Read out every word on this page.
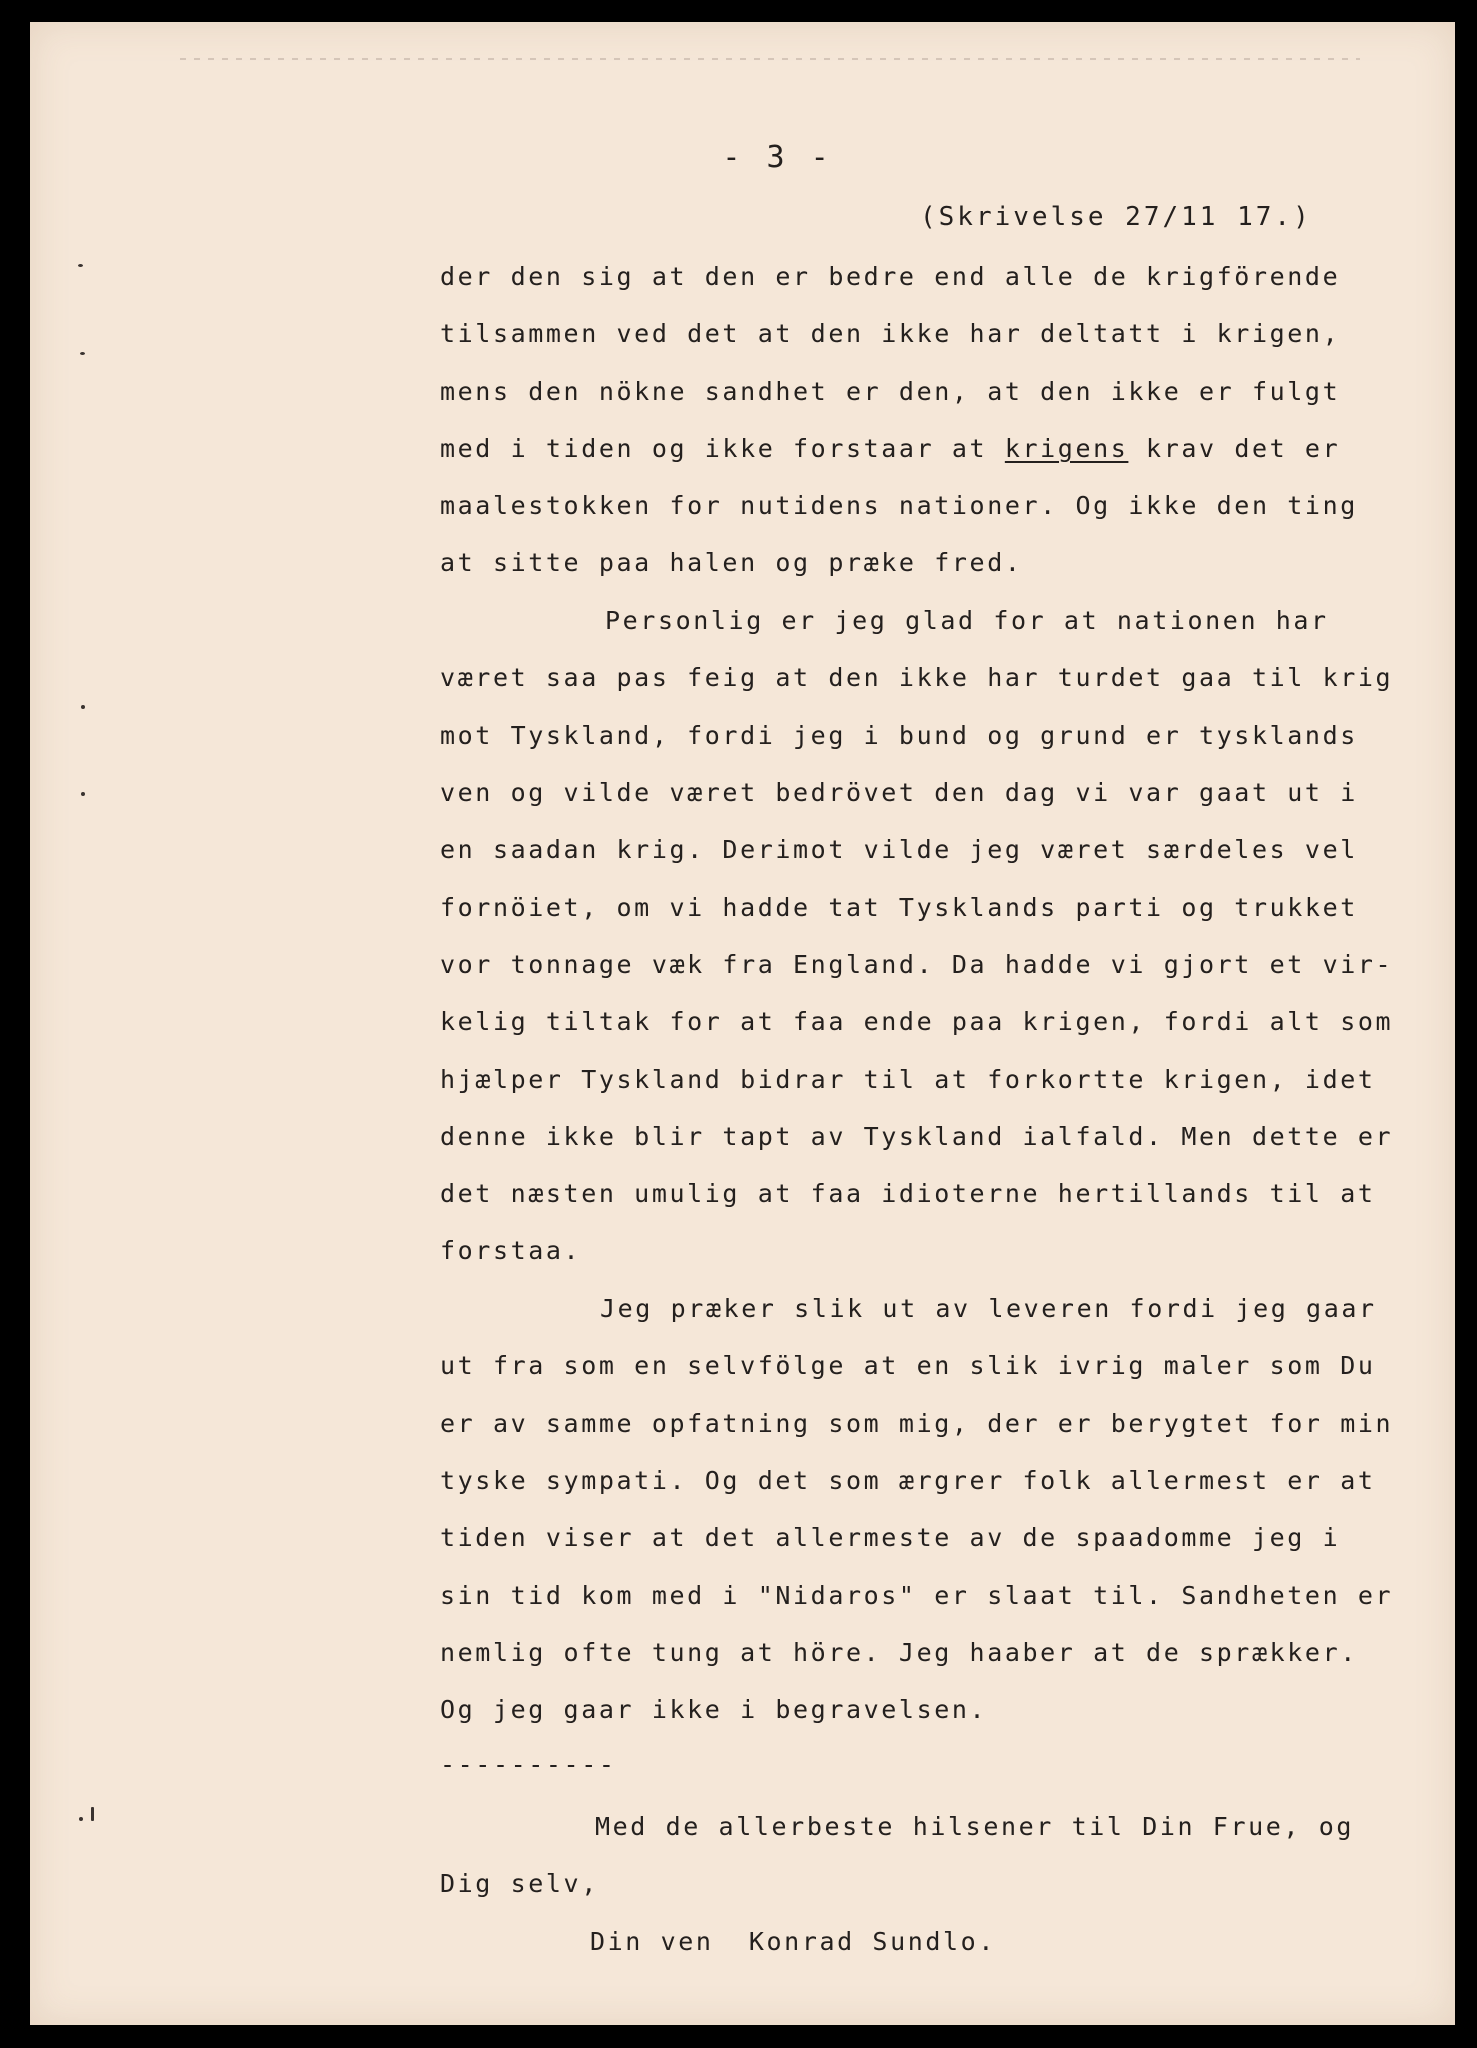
- 3 -
(Skrivelse 27/11 17.)
der den sig at den er bedre end alle de krigförende
tilsammen ved det at den ikke har deltatt i krigen,
mens den nökne sandhet er den, at den ikke er fulgt
med i tiden og ikke forstaar at krigens krav det er
maalestokken for nutidens nationer. Og ikke den ting
at sitte paa halen og præke fred.
Personlig er jeg glad for at nationen har
været saa pas feig at den ikke har turdet gaa til krig
mot Tyskland, fordi jeg i bund og grund er tysklands
ven og vilde været bedrövet den dag vi var gaat ut i
en saadan krig. Derimot vilde jeg været særdeles vel
fornöiet, om vi hadde tat Tysklands parti og trukket
vor tonnage væk fra England. Da hadde vi gjort et vir-
kelig tiltak for at faa ende paa krigen, fordi alt som
hjælper Tyskland bidrar til at forkortte krigen, idet
denne ikke blir tapt av Tyskland ialfald. Men dette er
det næsten umulig at faa idioterne hertillands til at
forstaa.
Jeg præker slik ut av leveren fordi jeg gaar
ut fra som en selvfölge at en slik ivrig maler som Du
er av samme opfatning som mig, der er berygtet for min
tyske sympati. Og det som ærgrer folk allermest er at
tiden viser at det allermeste av de spaadomme jeg i
sin tid kom med i "Nidaros" er slaat til. Sandheten er
nemlig ofte tung at höre. Jeg haaber at de sprækker.
Og jeg gaar ikke i begravelsen.
----------
Med de allerbeste hilsener til Din Frue, og
Dig selv,
Din ven  Konrad Sundlo.
